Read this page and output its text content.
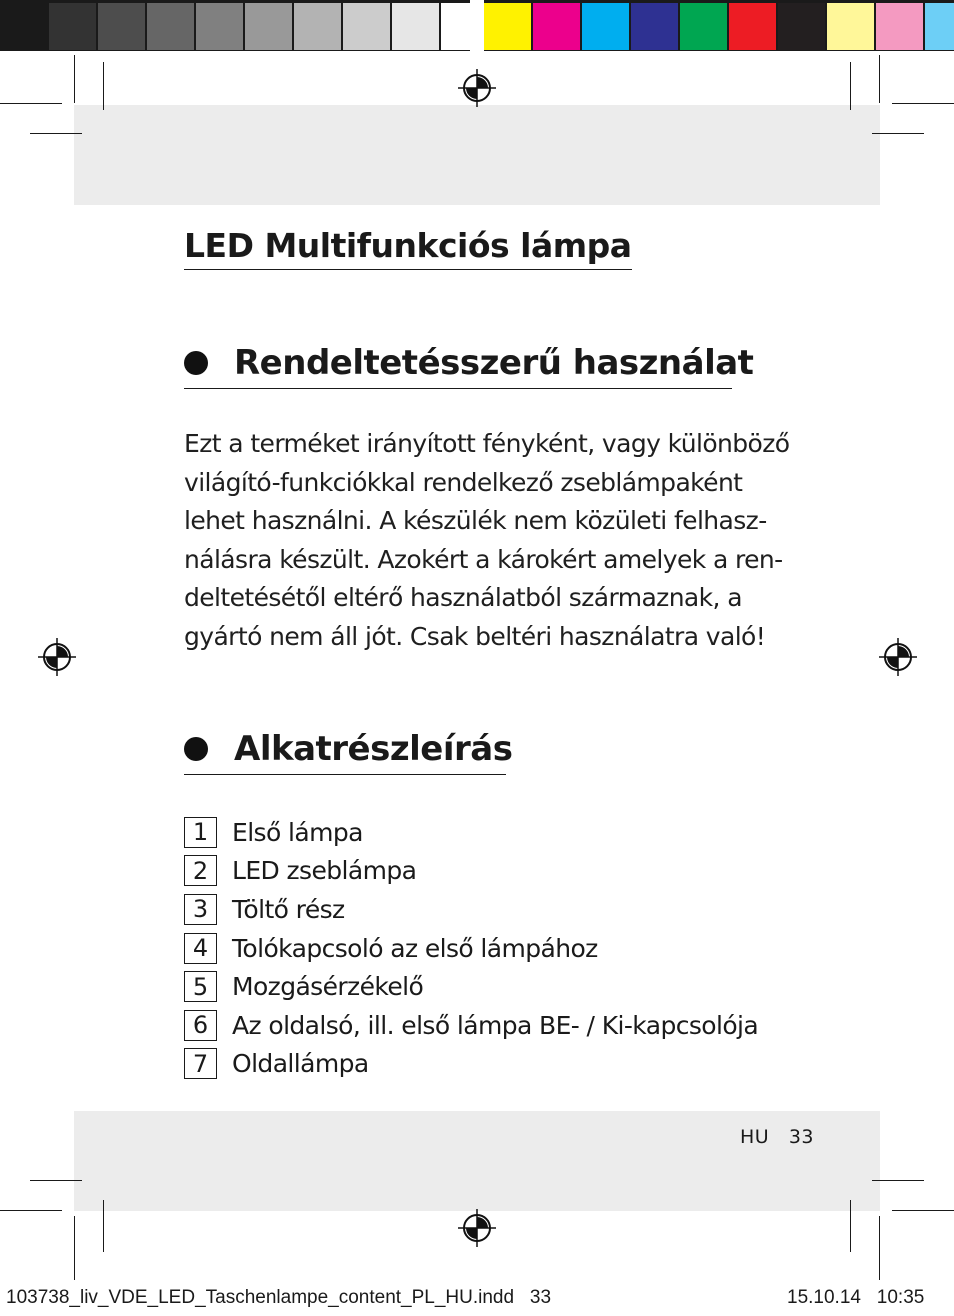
LED Multifunkciós lámpa
Rendeltetésszerű használat

Ezt a terméket irányított fényként, vagy különböző

világító-funkciókkal rendelkező zseblámpaként

lehet használni. A készülék nem közületi felhasz-

nálásra készült. Azokért a károkért amelyek a ren-

deltetésétől eltérő használatból származnak, a

gyártó nem áll jót. Csak beltéri használatra való!

Alkatrészleírás
1 Első lámpa
2 LED zseblámpa
3 Töltő rész
4 Tolókapcsoló az első lámpához
5 Mozgásérzékelő
6 Az oldalsó, ill. első lámpa BE- / Ki-kapcsolója
7 Oldallámpa
HU   33
103738_liv_VDE_LED_Taschenlampe_content_PL_HU.indd   33	15.10.14   10:35
